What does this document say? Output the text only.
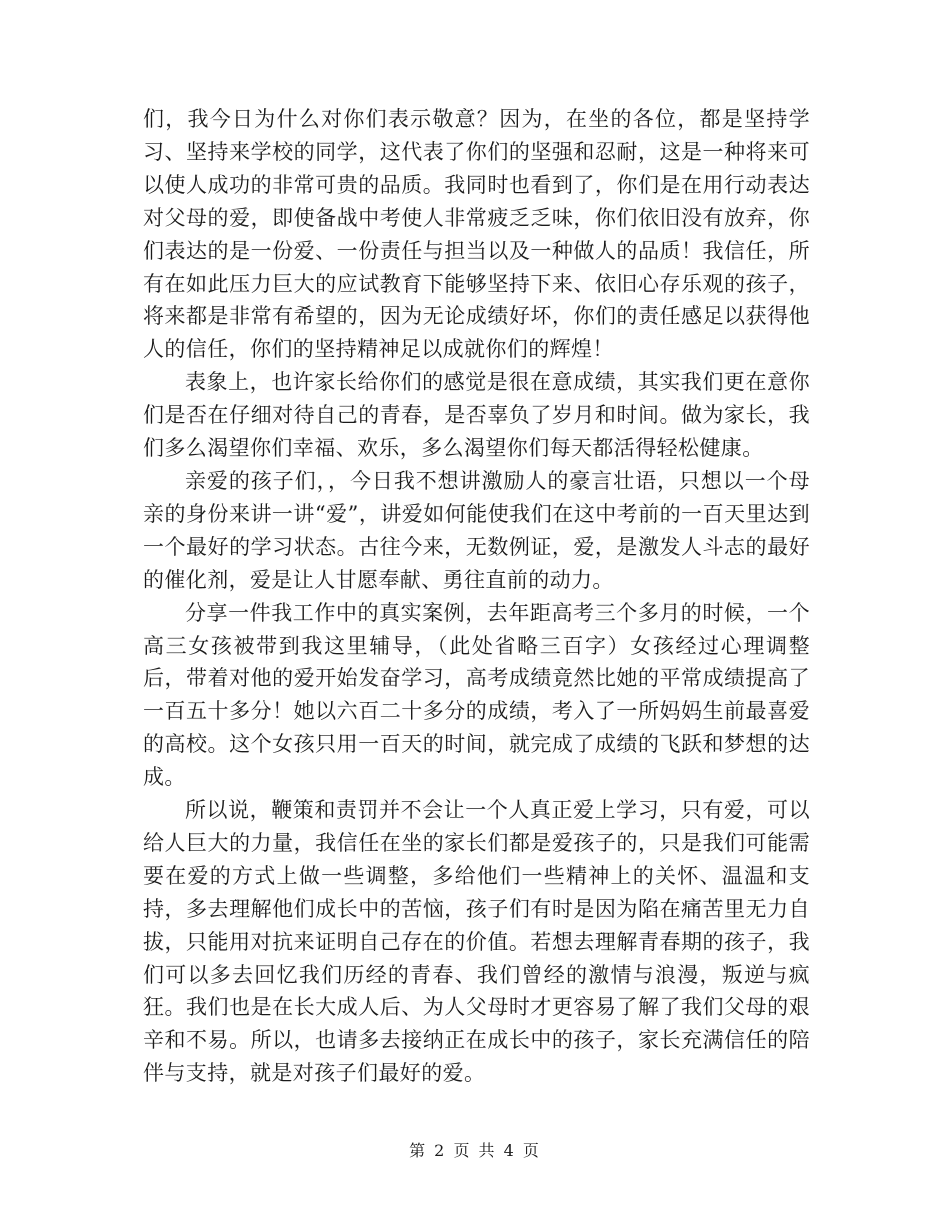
们，我今日为什么对你们表示敬意？因为，在坐的各位，都是坚持学习、坚持来学校的同学，这代表了你们的坚强和忍耐，这是一种将来可以使人成功的非常可贵的品质。我同时也看到了，你们是在用行动表达对父母的爱，即使备战中考使人非常疲乏乏味，你们依旧没有放弃，你们表达的是一份爱、一份责任与担当以及一种做人的品质！我信任，所有在如此压力巨大的应试教育下能够坚持下来、依旧心存乐观的孩子，将来都是非常有希望的，因为无论成绩好坏，你们的责任感足以获得他人的信任，你们的坚持精神足以成就你们的辉煌！

表象上，也许家长给你们的感觉是很在意成绩，其实我们更在意你们是否在仔细对待自己的青春，是否辜负了岁月和时间。做为家长，我们多么渴望你们幸福、欢乐，多么渴望你们每天都活得轻松健康。

亲爱的孩子们，，今日我不想讲激励人的豪言壮语，只想以一个母亲的身份来讲一讲“爱”，讲爱如何能使我们在这中考前的一百天里达到一个最好的学习状态。古往今来，无数例证，爱，是激发人斗志的最好的催化剂，爱是让人甘愿奉献、勇往直前的动力。

分享一件我工作中的真实案例，去年距高考三个多月的时候，一个高三女孩被带到我这里辅导，（此处省略三百字）女孩经过心理调整后，带着对他的爱开始发奋学习，高考成绩竟然比她的平常成绩提高了一百五十多分！她以六百二十多分的成绩，考入了一所妈妈生前最喜爱的高校。这个女孩只用一百天的时间，就完成了成绩的飞跃和梦想的达成。

所以说，鞭策和责罚并不会让一个人真正爱上学习，只有爱，可以给人巨大的力量，我信任在坐的家长们都是爱孩子的，只是我们可能需要在爱的方式上做一些调整，多给他们一些精神上的关怀、温温和支持，多去理解他们成长中的苦恼，孩子们有时是因为陷在痛苦里无力自拔，只能用对抗来证明自己存在的价值。若想去理解青春期的孩子，我们可以多去回忆我们历经的青春、我们曾经的激情与浪漫，叛逆与疯狂。我们也是在长大成人后、为人父母时才更容易了解了我们父母的艰辛和不易。所以，也请多去接纳正在成长中的孩子，家长充满信任的陪伴与支持，就是对孩子们最好的爱。

第 2 页 共 4 页
